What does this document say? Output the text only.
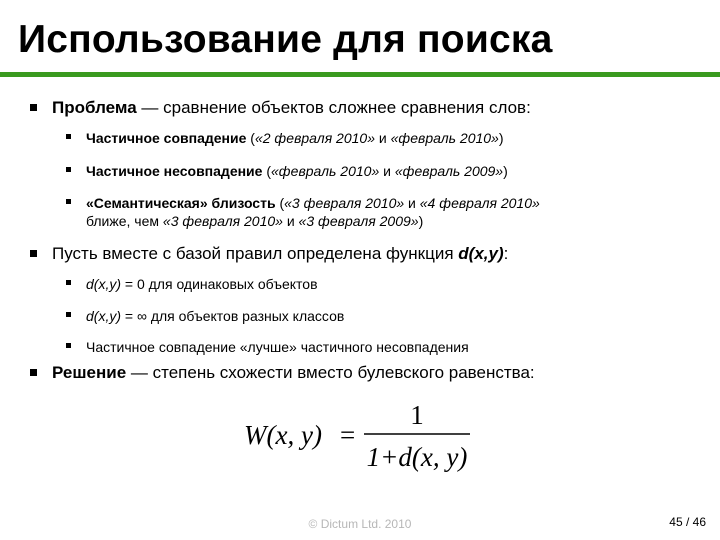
Использование для поиска
Проблема — сравнение объектов сложнее сравнения слов:
Частичное совпадение («2 февраля 2010» и «февраль 2010»)
Частичное несовпадение («февраль 2010» и «февраль 2009»)
«Семантическая» близость («3 февраля 2010» и «4 февраля 2010»
ближе, чем «3 февраля 2010» и «3 февраля 2009»)
Пусть вместе с базой правил определена функция d(x,y):
d(x,y) = 0 для одинаковых объектов
d(x,y) = ∞ для объектов разных классов
Частичное совпадение «лучше» частичного несовпадения
Решение — степень схожести вместо булевского равенства:
W(x, y) =
1
1+d(x, y)
© Dictum Ltd. 2010	45 / 46
